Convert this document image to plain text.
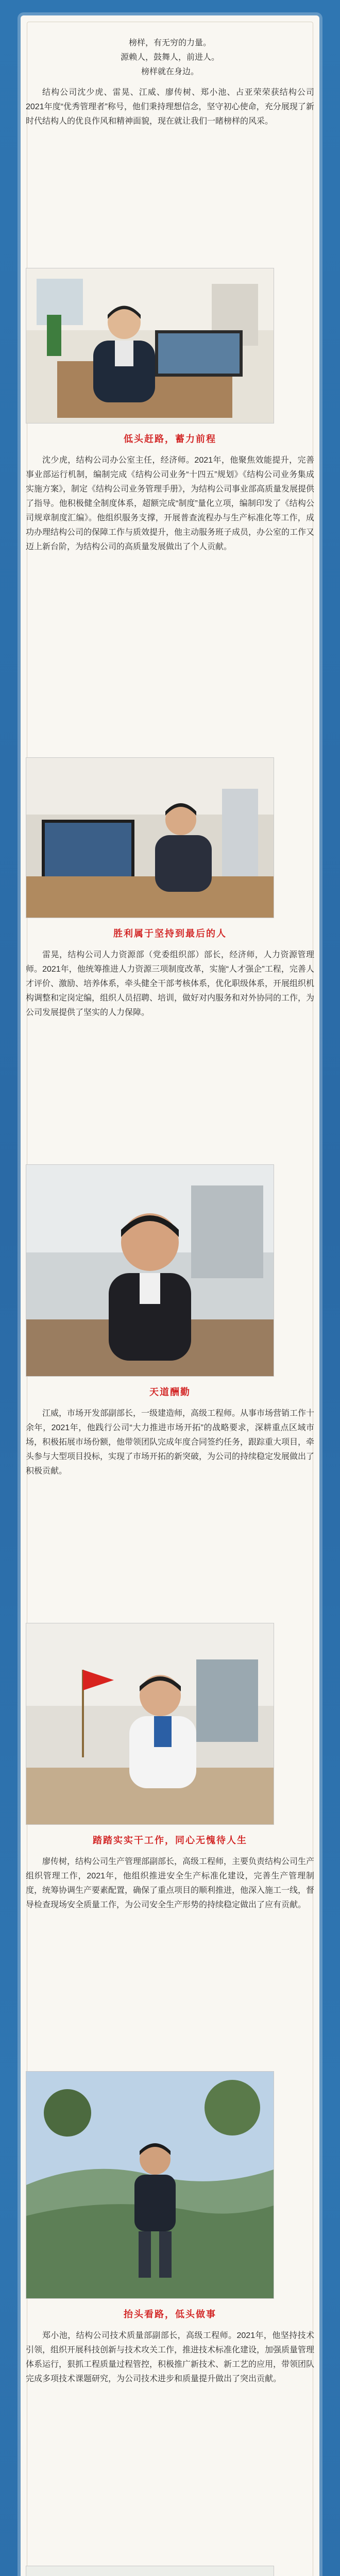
榜样，有无穷的力量。
源赖人，鼓舞人，前进人。
榜样就在身边。

结构公司沈少虎、雷晃、江威、廖传树、郑小池、占亚荣荣获结构公司2021年度“优秀管理者”称号，他们秉持理想信念，坚守初心使命，充分展现了新时代结构人的优良作风和精神面貌，现在就让我们一睹榜样的风采。

低头赶路，蓄力前程

沈少虎，结构公司办公室主任，经济师。2021年，他聚焦效能提升，完善事业部运行机制，编制完成《结构公司业务“十四五”规划》《结构公司业务集成实施方案》，制定《结构公司业务管理手册》，为结构公司事业部高质量发展提供了指导。他积极健全制度体系，超额完成“制度”量化立项，编制印发了《结构公司规章制度汇编》。他组织服务支撑，开展普查流程办与生产标准化等工作，成功办理结构公司的保障工作与质效提升，他主动服务班子成员，办公室的工作又迈上新台阶，为结构公司的高质量发展做出了个人贡献。

胜利属于坚持到最后的人

雷晃，结构公司人力资源部（党委组织部）部长，经济师，人力资源管理师。2021年，他统筹推进人力资源三项制度改革，实施“人才强企”工程，完善人才评价、激励、培养体系，牵头健全干部考核体系，优化职级体系，开展组织机构调整和定岗定编，组织人员招聘、培训，做好对内服务和对外协同的工作，为公司发展提供了坚实的人力保障。

天道酬勤

江威，市场开发部副部长，一级建造师，高级工程师。从事市场营销工作十余年，2021年，他践行公司“大力推进市场开拓”的战略要求，深耕重点区域市场，积极拓展市场份额，他带领团队完成年度合同签约任务，跟踪重大项目，牵头参与大型项目投标，实现了市场开拓的新突破，为公司的持续稳定发展做出了积极贡献。

踏踏实实干工作，同心无愧待人生

廖传树，结构公司生产管理部副部长，高级工程师，主要负责结构公司生产组织管理工作，2021年，他组织推进安全生产标准化建设，完善生产管理制度，统筹协调生产要素配置，确保了重点项目的顺利推进，他深入施工一线，督导检查现场安全质量工作，为公司安全生产形势的持续稳定做出了应有贡献。

抬头看路，低头做事

郑小池，结构公司技术质量部副部长，高级工程师。2021年，他坚持技术引领，组织开展科技创新与技术攻关工作，推进技术标准化建设，加强质量管理体系运行，狠抓工程质量过程管控，积极推广新技术、新工艺的应用，带领团队完成多项技术课题研究，为公司技术进步和质量提升做出了突出贡献。
